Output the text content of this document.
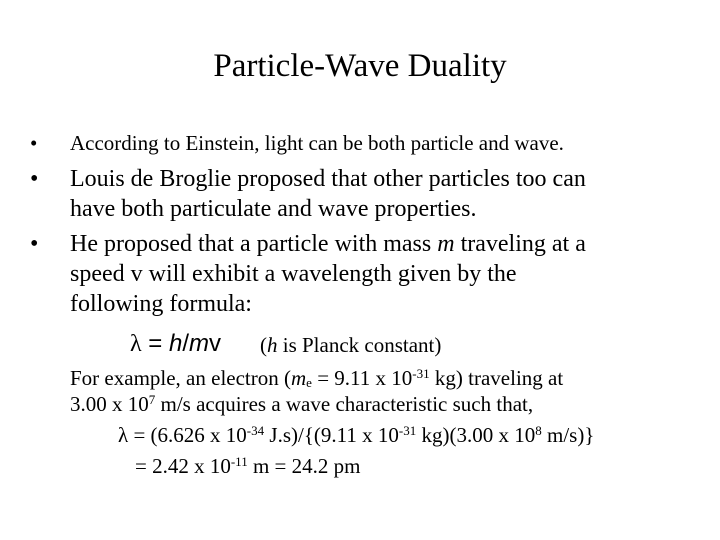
Particle-Wave Duality
• According to Einstein, light can be both particle and wave.
• Louis de Broglie proposed that other particles too can
have both particulate and wave properties.
• He proposed that a particle with mass m traveling at a
speed v will exhibit a wavelength given by the
following formula:
λ = h/mv (h is Planck constant)
For example, an electron ($m_e = 9.11$ x $10^{-31}$ kg) traveling at
3.00 x $10^7$ m/s acquires a wave characteristic such that,
λ = (6.626 x $10^{-34}$ J.s)/{(9.11 x $10^{-31}$ kg)(3.00 x $10^8$ m/s)}
= 2.42 x $10^{-11}$ m = 24.2 pm
